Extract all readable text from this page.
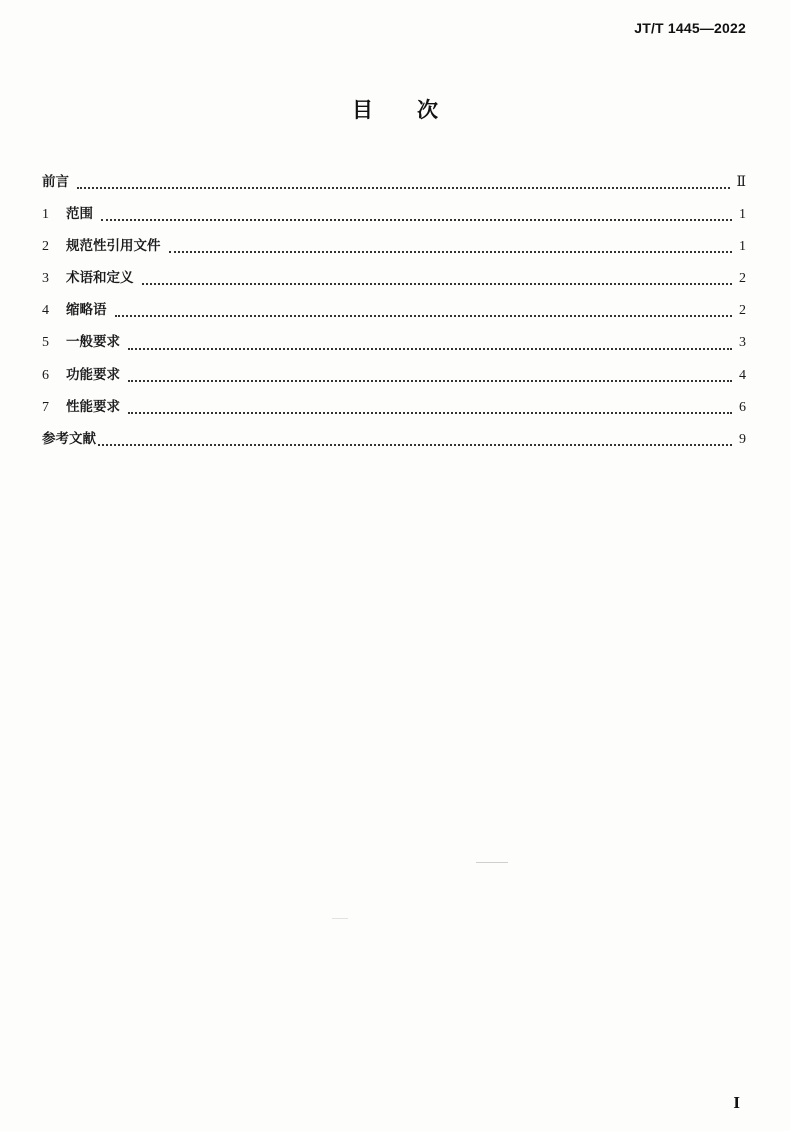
JT/T 1445—2022
目次
前言	Ⅱ
1	范围	1
2	规范性引用文件	1
3	术语和定义	2
4	缩略语	2
5	一般要求	3
6	功能要求	4
7	性能要求	6
参考文献	9
I
